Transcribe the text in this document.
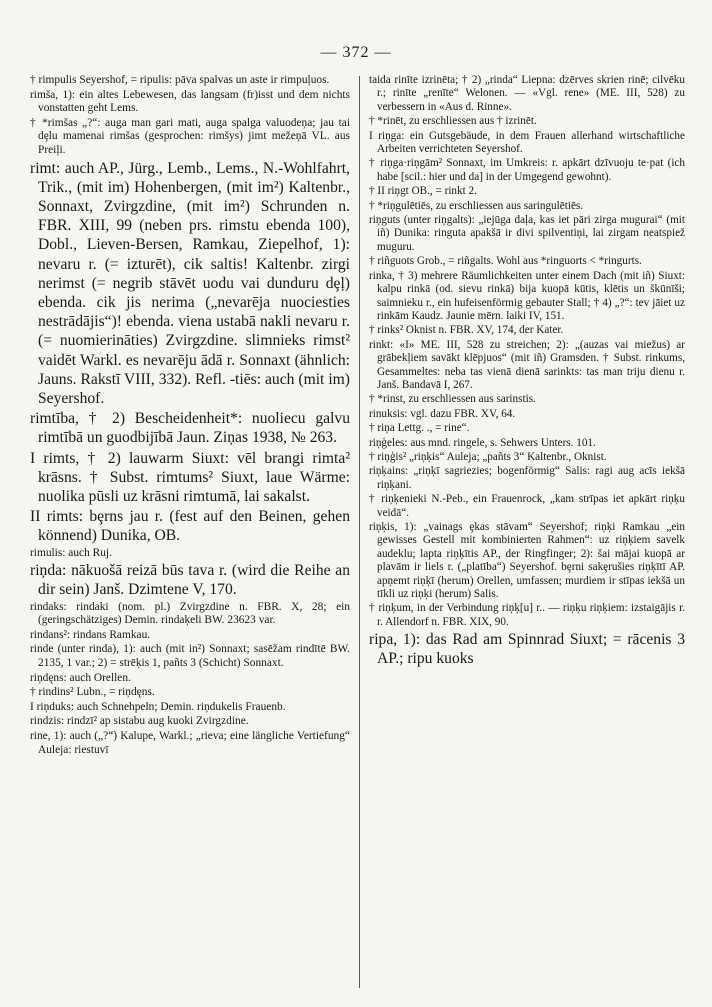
— 372 —

† rimpulis Seyershof, = ripulis: pāva spalvas un aste ir rimpuļuos.

rimša, 1): ein altes Lebewesen, das langsam (fr)isst und dem nichts vonstatten geht Lems.

† *rimšas „?“: auga man gari mati, auga spalga valuodeņa; jau tai dȩlu mamenai rimšas (gesprochen: rimšys) jimt mežeņā VL. aus Preiļi.

rimt: auch AP., Jürg., Lemb., Lems., N.-Wohlfahrt, Trik., (mit im) Hohenbergen, (mit im²) Kaltenbr., Sonnaxt, Zvirgzdine, (mit im²) Schrunden n. FBR. XIII, 99 (neben prs. rimstu ebenda 100), Dobl., Lieven-Bersen, Ramkau, Ziepelhof, 1): nevaru r. (= izturēt), cik saltis! Kaltenbr. zirgi nerimst (= negrib stāvēt uodu vai dunduru dȩļ) ebenda. cik jis nerima („nevarēja nuociesties nestrādājis“)! ebenda. viena ustabā nakli nevaru r. (= nuomierināties) Zvirgzdine. slimnieks rimst² vaidēt Warkl. es nevarēju ādā r. Sonnaxt (ähnlich: Jauns. Rakstī VIII, 332). Refl. -tiēs: auch (mit im) Seyershof.

rimtība, † 2) Bescheidenheit*: nuoliecu galvu rimtībā un guodbijībā Jaun. Ziņas 1938, № 263.

I rimts, † 2) lauwarm Siuxt: vēl brangi rimta² krāsns. † Subst. rimtums² Siuxt, laue Wärme: nuolika pūsli uz krāsni rimtumā, lai sakalst.

II rimts: bȩrns jau r. (fest auf den Beinen, gehen könnend) Dunika, OB.

rimulis: auch Ruj.

riņda: nākuošā reizā būs tava r. (wird die Reihe an dir sein) Janš. Dzimtene V, 170.

rindaks: rindaki (nom. pl.) Zvirgzdine n. FBR. X, 28; ein (geringschätziges) Demin. rindaķeli BW. 23623 var.

rindans²: rindans Ramkau.

rinde (unter rinda), 1): auch (mit in²) Sonnaxt; sasēžam rindītē BW. 2135, 1 var.; 2) = strēķis 1, pañts 3 (Schicht) Sonnaxt.

riņdęns: auch Orellen.

† rindins² Lubn., = riņdęns.

I riņduks: auch Schnehpeln; Demin. riņdukelis Frauenb.

rindzis: rindzī² ap sistabu aug kuoki Zvirgzdine.

rine, 1): auch („?“) Kalupe, Warkl.; „rieva; eine längliche Vertiefung“ Auleja: riestuvī

taida rinīte izrinēta; † 2) „rinda“ Liepna: dzērves skrien rinē; cilvēku r.; rinīte „renīte“ Welonen. — «Vgl. rene» (ME. III, 528) zu verbessern in «Aus d. Rinne».

† *rinēt, zu erschliessen aus † izrinēt.

I riņga: ein Gutsgebäude, in dem Frauen allerhand wirtschaftliche Arbeiten verrichteten Seyershof.

† riņga·riņgām² Sonnaxt, im Umkreis: r. apkārt dzīvuoju te·pat (ich habe [scil.: hier und da] in der Umgegend gewohnt).

† II riņgt OB., = rinkt 2.

† *riņgulētiēs, zu erschliessen aus saringulētiēs.

riņguts (unter riņgalts): „iejūga daļa, kas iet pāri zirga mugurai“ (mit iñ) Dunika: ringuta apakšā ir divi spilventiņi, lai zirgam neatspiež muguru.

† riñguots Grob., = riñgalts. Wohl aus *ringuorts < *ringurts.

rinka, † 3) mehrere Räumlichkeiten unter einem Dach (mit iñ) Siuxt: kalpu rinkā (od. sievu rinkā) bija kuopā kūtis, klētis un škūnīši; saimnieku r., ein hufeisenförmig gebauter Stall; † 4) „?“: tev jāiet uz rinkām Kaudz. Jaunie mērn. laiki IV, 151.

† rinks² Oknist n. FBR. XV, 174, der Kater.

rinkt: «I» ME. III, 528 zu streichen; 2): „(auzas vai miežus) ar grābekļiem savākt klēpjuos“ (mit iñ) Gramsden. † Subst. rinkums, Gesammeltes: neba tas vienā dienā sarinkts: tas man triju dienu r. Janš. Bandavā I, 267.

† *rinst, zu erschliessen aus sarinstis.

rinuksis: vgl. dazu FBR. XV, 64.

† riņa Lettg. ., = rine“.

riņģeles: aus mnd. ringele, s. Sehwers Unters. 101.

† riņģis² „riņķis“ Auleja; „pañts 3“ Kaltenbr., Oknist.

riņķains: „riņķī sagriezies; bogenförmig“ Salis: ragi aug acīs iekšā riņķani.

† riņķenieki N.-Peb., ein Frauenrock, „kam strīpas iet apkārt riņķu veidā“.

riņķis, 1): „vainags ȩkas stāvam“ Seyershof; riņķi Ramkau „ein gewisses Gestell mit kombinierten Rahmen“: uz riņķiem savelk audeklu; lapta riņķītis AP., der Ringfinger; 2): šai mājai kuopā ar plavām ir liels r. („platība“) Seyershof. bȩrni sakȩrušies riņķītī AP. apņemt riņķī (herum) Orellen, umfassen; murdiem ir stīpas iekšā un tīkli uz riņķi (herum) Salis.

† riņķum, in der Verbindung riņķ[u] r.. — riņķu riņķiem: izstaigājis r. r. Allendorf n. FBR. XIX, 90.

ripa, 1): das Rad am Spinnrad Siuxt; = rācenis 3 AP.; ripu kuoks
